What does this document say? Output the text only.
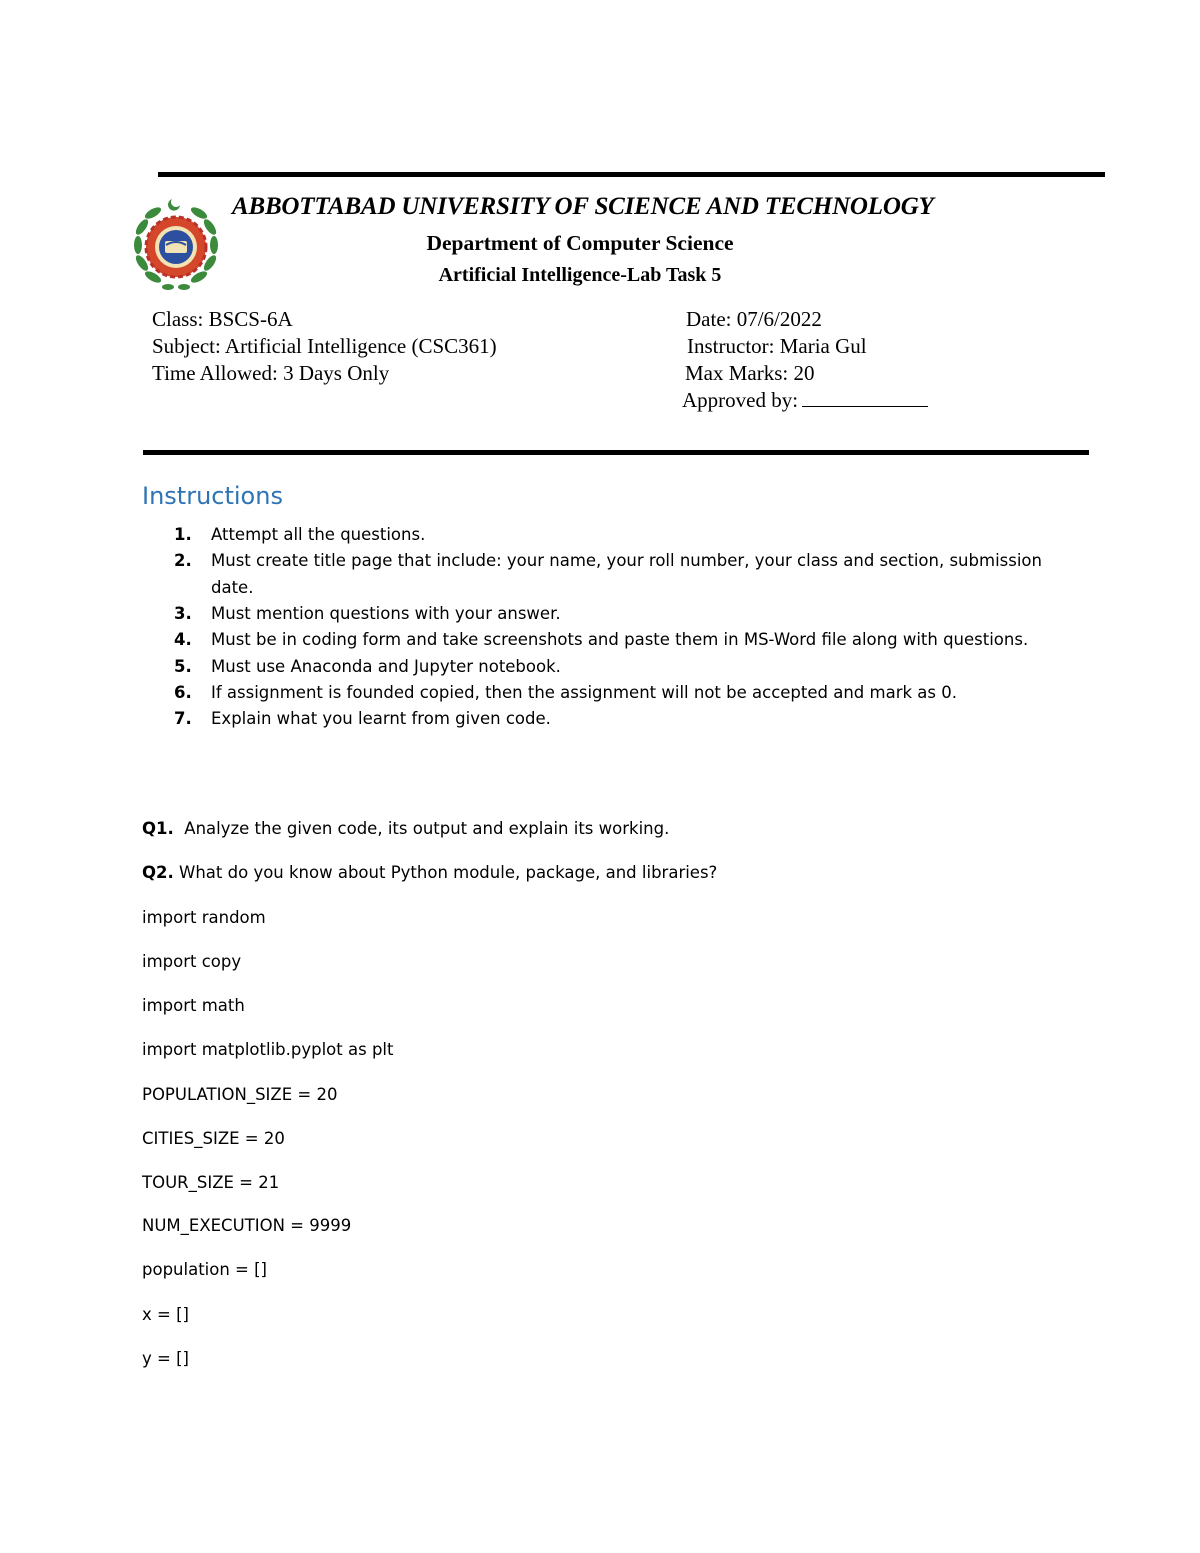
ABBOTTABAD UNIVERSITY OF SCIENCE AND TECHNOLOGY
Department of Computer Science
Artificial Intelligence-Lab Task 5
Class: BSCS-6A
Subject: Artificial Intelligence (CSC361)
Time Allowed: 3 Days Only
Date: 07/6/2022
Instructor: Maria Gul
Max Marks: 20
Approved by:
Instructions
1. Attempt all the questions.
2. Must create title page that include: your name, your roll number, your class and section, submission date.
3. Must mention questions with your answer.
4. Must be in coding form and take screenshots and paste them in MS-Word file along with questions.
5. Must use Anaconda and Jupyter notebook.
6. If assignment is founded copied, then the assignment will not be accepted and mark as 0.
7. Explain what you learnt from given code.
Q1. Analyze the given code, its output and explain its working.
Q2. What do you know about Python module, package, and libraries?
import random
import copy
import math
import matplotlib.pyplot as plt
POPULATION_SIZE = 20
CITIES_SIZE = 20
TOUR_SIZE = 21
NUM_EXECUTION = 9999
population = []
x = []
y = []
